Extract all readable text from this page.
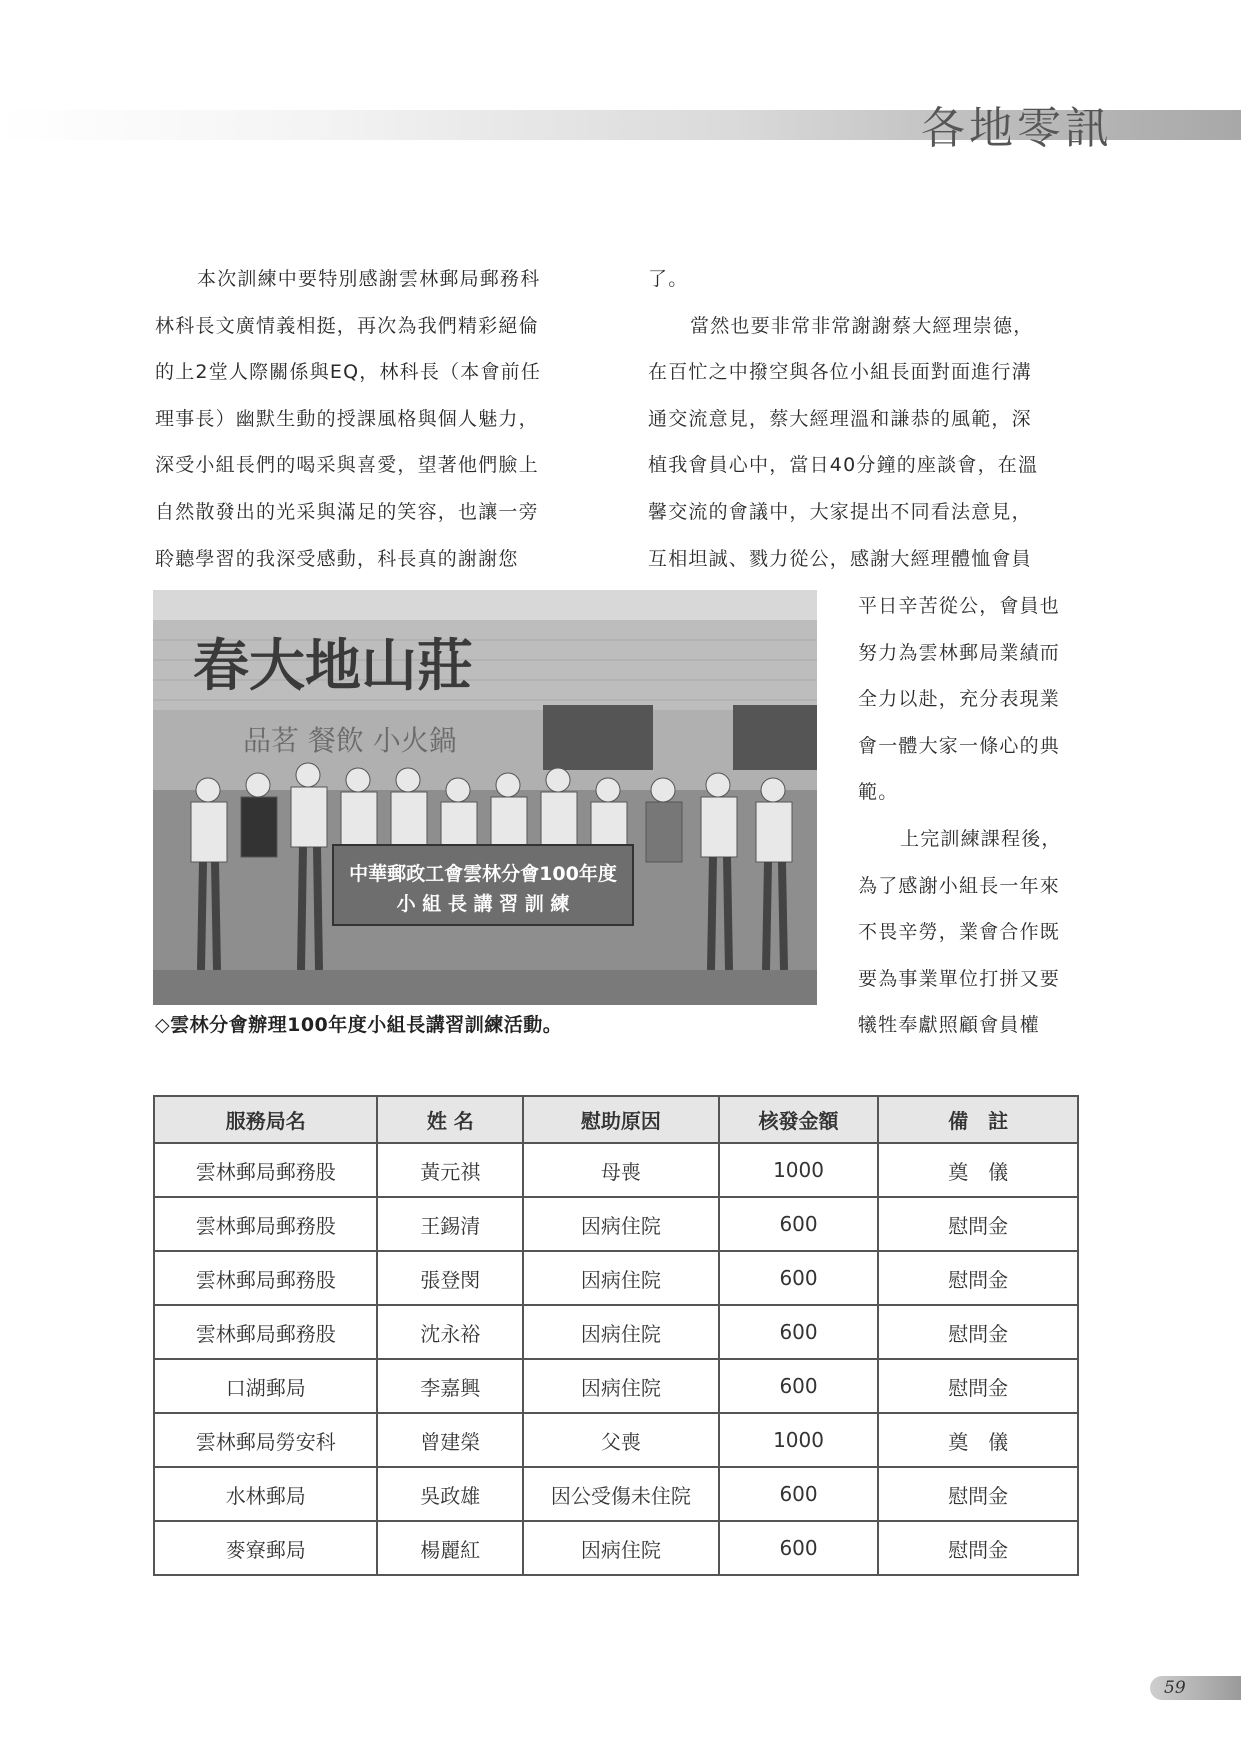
各地零訊
本次訓練中要特別感謝雲林郵局郵務科
林科長文廣情義相挺，再次為我們精彩絕倫
的上2堂人際關係與EQ，林科長（本會前任
理事長）幽默生動的授課風格與個人魅力，
深受小組長們的喝采與喜愛，望著他們臉上
自然散發出的光采與滿足的笑容，也讓一旁
聆聽學習的我深受感動，科長真的謝謝您
了。
當然也要非常非常謝謝蔡大經理崇德，
在百忙之中撥空與各位小組長面對面進行溝
通交流意見，蔡大經理溫和謙恭的風範，深
植我會員心中，當日40分鐘的座談會，在溫
馨交流的會議中，大家提出不同看法意見，
互相坦誠、戮力從公，感謝大經理體恤會員
平日辛苦從公，會員也
努力為雲林郵局業績而
全力以赴，充分表現業
會一體大家一條心的典
範。
上完訓練課程後，
為了感謝小組長一年來
不畏辛勞，業會合作既
要為事業單位打拼又要
犧牲奉獻照顧會員權
春大地山莊
品茗 餐飲 小火鍋
中華郵政工會雲林分會100年度
小 組 長 講 習 訓 練
◇雲林分會辦理100年度小組長講習訓練活動。
服務局名	姓 名	慰助原因	核發金額	備　註
雲林郵局郵務股	黃元祺	母喪	1000	奠　儀
雲林郵局郵務股	王錫清	因病住院	600	慰問金
雲林郵局郵務股	張登閔	因病住院	600	慰問金
雲林郵局郵務股	沈永裕	因病住院	600	慰問金
口湖郵局	李嘉興	因病住院	600	慰問金
雲林郵局勞安科	曾建榮	父喪	1000	奠　儀
水林郵局	吳政雄	因公受傷未住院	600	慰問金
麥寮郵局	楊麗紅	因病住院	600	慰問金
59
